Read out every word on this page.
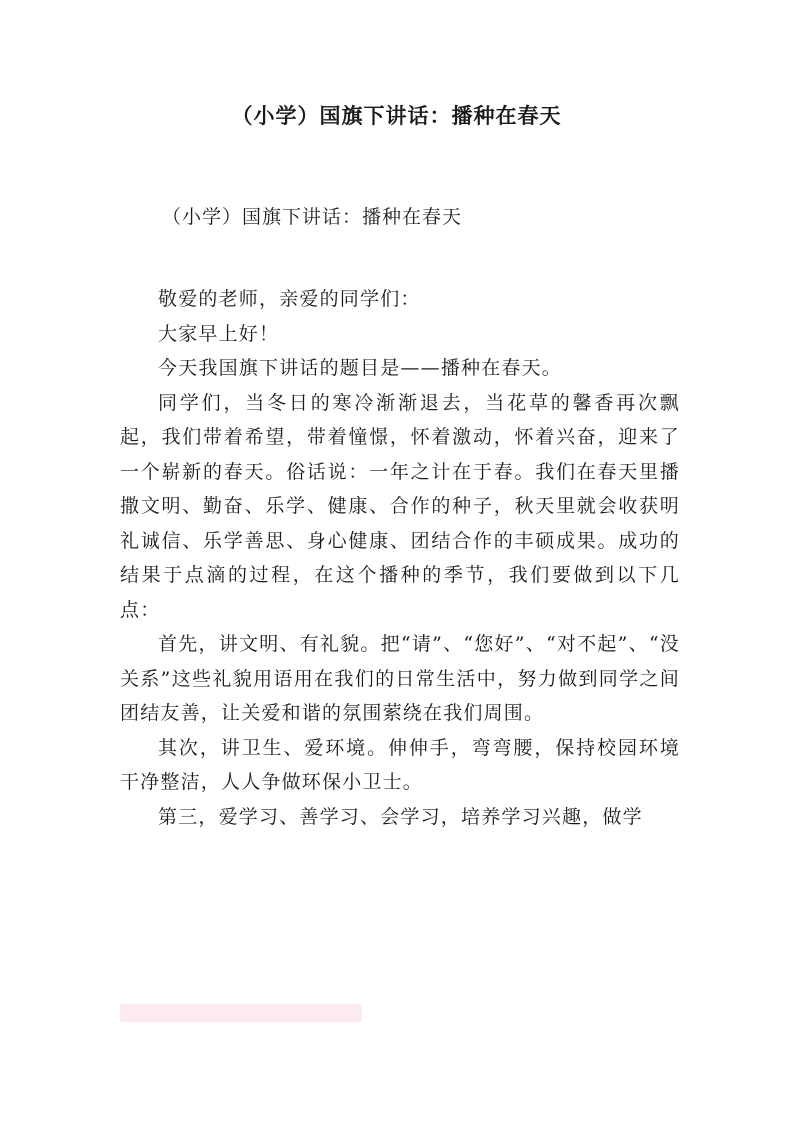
（小学）国旗下讲话：播种在春天
（小学）国旗下讲话：播种在春天

敬爱的老师，亲爱的同学们：

大家早上好！

今天我国旗下讲话的题目是——播种在春天。

同学们，当冬日的寒冷渐渐退去，当花草的馨香再次飘起，我们带着希望，带着憧憬，怀着激动，怀着兴奋，迎来了一个崭新的春天。俗话说：一年之计在于春。我们在春天里播撒文明、勤奋、乐学、健康、合作的种子，秋天里就会收获明礼诚信、乐学善思、身心健康、团结合作的丰硕成果。成功的结果于点滴的过程，在这个播种的季节，我们要做到以下几点：

首先，讲文明、有礼貌。把“请”、“您好”、“对不起”、“没关系”这些礼貌用语用在我们的日常生活中，努力做到同学之间团结友善，让关爱和谐的氛围萦绕在我们周围。

其次，讲卫生、爱环境。伸伸手，弯弯腰，保持校园环境干净整洁，人人争做环保小卫士。

第三，爱学习、善学习、会学习，培养学习兴趣，做学
